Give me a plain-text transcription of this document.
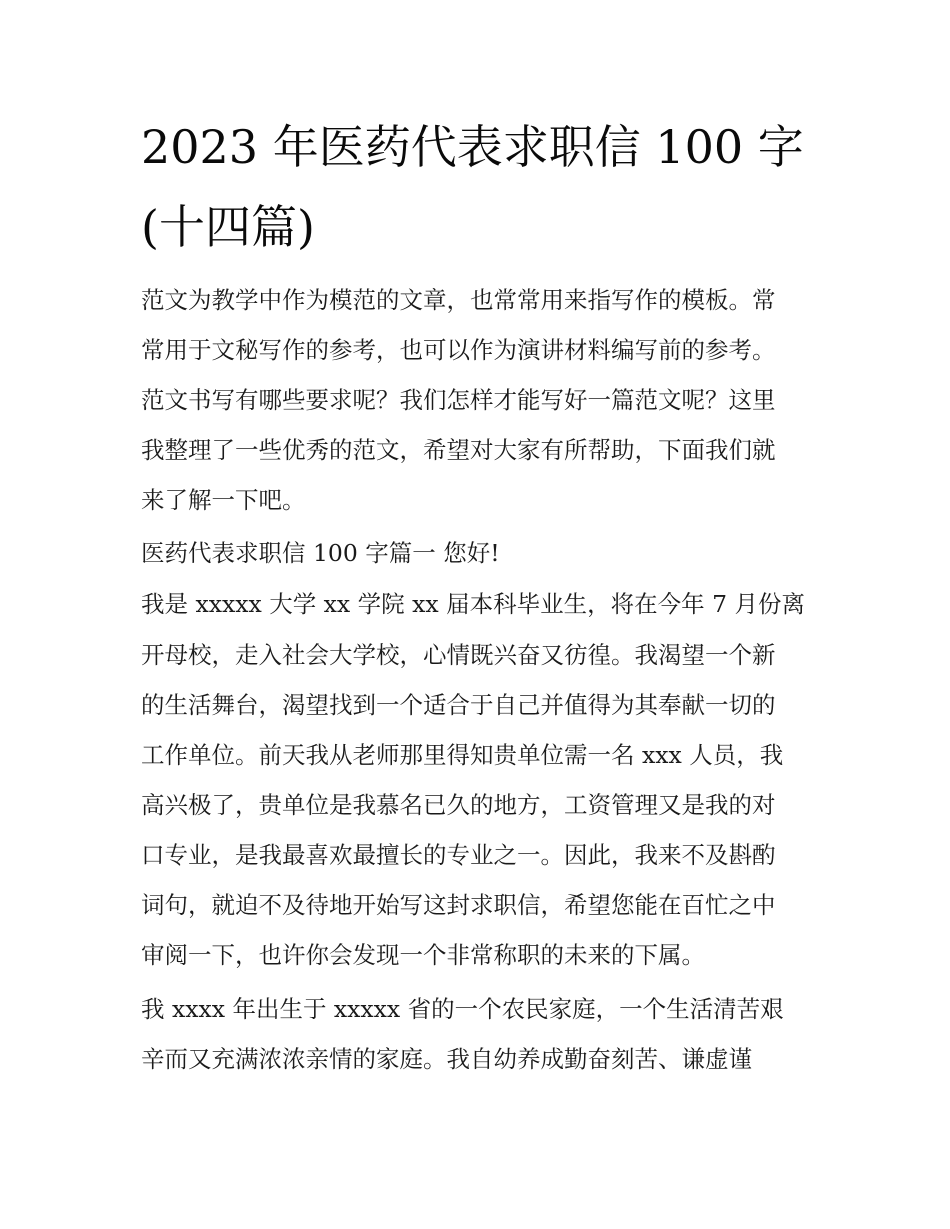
2023 年医药代表求职信 100 字
(十四篇)
范文为教学中作为模范的文章，也常常用来指写作的模板。常
常用于文秘写作的参考，也可以作为演讲材料编写前的参考。
范文书写有哪些要求呢？我们怎样才能写好一篇范文呢？这里
我整理了一些优秀的范文，希望对大家有所帮助，下面我们就
来了解一下吧。
医药代表求职信 100 字篇一 您好!
我是 xxxxx 大学 xx 学院 xx 届本科毕业生，将在今年 7 月份离
开母校，走入社会大学校，心情既兴奋又彷徨。我渴望一个新
的生活舞台，渴望找到一个适合于自己并值得为其奉献一切的
工作单位。前天我从老师那里得知贵单位需一名 xxx 人员，我
高兴极了，贵单位是我慕名已久的地方，工资管理又是我的对
口专业，是我最喜欢最擅长的专业之一。因此，我来不及斟酌
词句，就迫不及待地开始写这封求职信，希望您能在百忙之中
审阅一下，也许你会发现一个非常称职的未来的下属。
我 xxxx 年出生于 xxxxx 省的一个农民家庭，一个生活清苦艰
辛而又充满浓浓亲情的家庭。我自幼养成勤奋刻苦、谦虚谨
